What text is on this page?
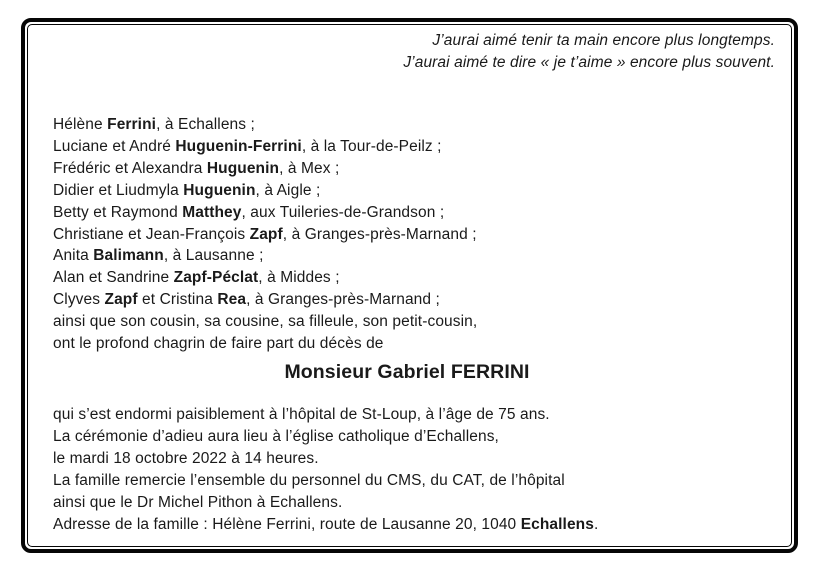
J’aurai aimé tenir ta main encore plus longtemps.
J’aurai aimé te dire « je t’aime » encore plus souvent.
Hélène Ferrini, à Echallens ;
Luciane et André Huguenin-Ferrini, à la Tour-de-Peilz ;
Frédéric et Alexandra Huguenin, à Mex ;
Didier et Liudmyla Huguenin, à Aigle ;
Betty et Raymond Matthey, aux Tuileries-de-Grandson ;
Christiane et Jean-François Zapf, à Granges-près-Marnand ;
Anita Balimann, à Lausanne ;
Alan et Sandrine Zapf-Péclat, à Middes ;
Clyves Zapf et Cristina Rea, à Granges-près-Marnand ;
ainsi que son cousin, sa cousine, sa filleule, son petit-cousin,
ont le profond chagrin de faire part du décès de
Monsieur Gabriel FERRINI
qui s’est endormi paisiblement à l’hôpital de St-Loup, à l’âge de 75 ans.
La cérémonie d’adieu aura lieu à l’église catholique d’Echallens,
le mardi 18 octobre 2022 à 14 heures.
La famille remercie l’ensemble du personnel du CMS, du CAT, de l’hôpital
ainsi que le Dr Michel Pithon à Echallens.
Adresse de la famille : Hélène Ferrini, route de Lausanne 20, 1040 Echallens.
